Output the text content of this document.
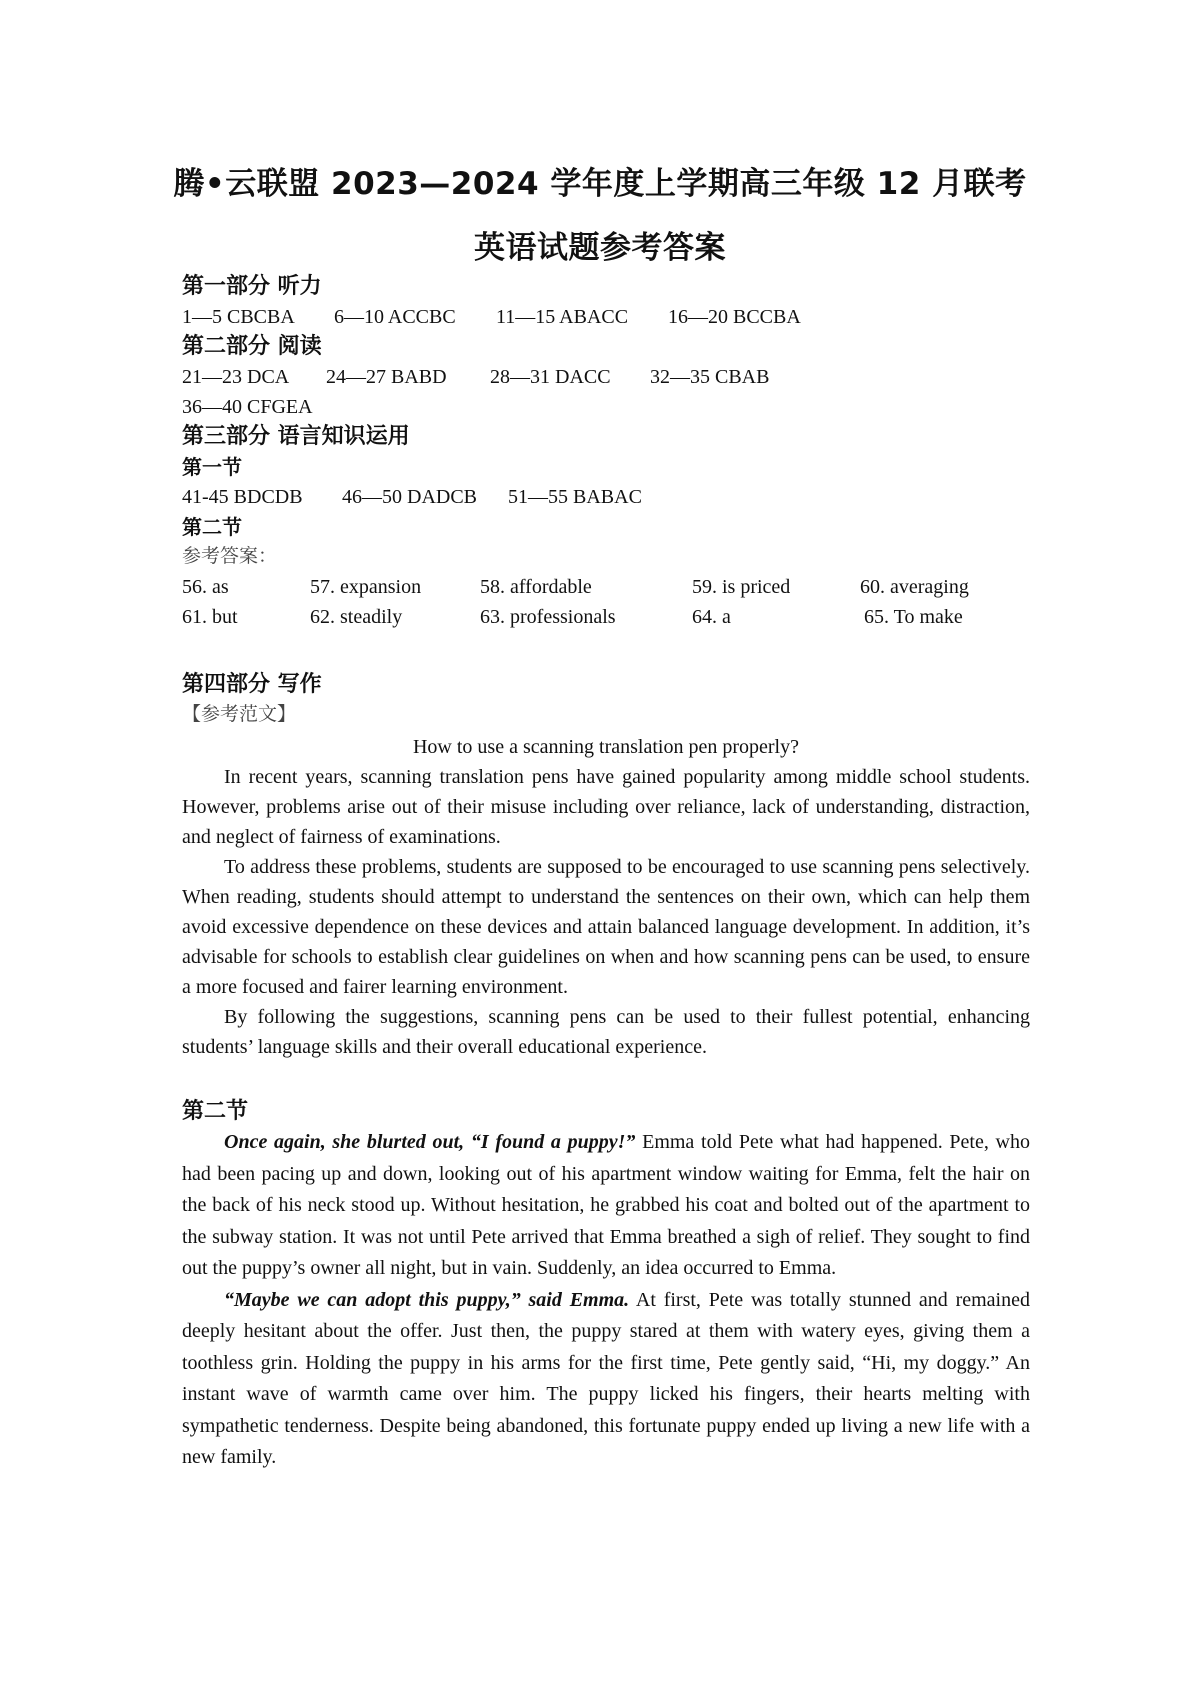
腾•云联盟 2023—2024 学年度上学期高三年级 12 月联考
英语试题参考答案
第一部分 听力
1—5 CBCBA	6—10 ACCBC	11—15 ABACC	16—20 BCCBA
第二部分 阅读
21—23 DCA	24—27 BABD	28—31 DACC	32—35 CBAB
36—40 CFGEA
第三部分 语言知识运用
第一节
41-45 BDCDB	46—50 DADCB	51—55 BABAC
第二节
参考答案：
56. as	57. expansion	58. affordable	59. is priced	60. averaging
61. but	62. steadily	63. professionals	64. a	65. To make
第四部分 写作
【参考范文】
How to use a scanning translation pen properly?

In recent years, scanning translation pens have gained popularity among middle school students. However, problems arise out of their misuse including over reliance, lack of understanding, distraction, and neglect of fairness of examinations.

To address these problems, students are supposed to be encouraged to use scanning pens selectively. When reading, students should attempt to understand the sentences on their own, which can help them avoid excessive dependence on these devices and attain balanced language development. In addition, it’s advisable for schools to establish clear guidelines on when and how scanning pens can be used, to ensure a more focused and fairer learning environment.

By following the suggestions, scanning pens can be used to their fullest potential, enhancing students’ language skills and their overall educational experience.

第二节

Once again, she blurted out, “I found a puppy!” Emma told Pete what had happened. Pete, who had been pacing up and down, looking out of his apartment window waiting for Emma, felt the hair on the back of his neck stood up. Without hesitation, he grabbed his coat and bolted out of the apartment to the subway station. It was not until Pete arrived that Emma breathed a sigh of relief. They sought to find out the puppy’s owner all night, but in vain. Suddenly, an idea occurred to Emma.

“Maybe we can adopt this puppy,” said Emma. At first, Pete was totally stunned and remained deeply hesitant about the offer. Just then, the puppy stared at them with watery eyes, giving them a toothless grin. Holding the puppy in his arms for the first time, Pete gently said, “Hi, my doggy.” An instant wave of warmth came over him. The puppy licked his fingers, their hearts melting with sympathetic tenderness. Despite being abandoned, this fortunate puppy ended up living a new life with a new family.
